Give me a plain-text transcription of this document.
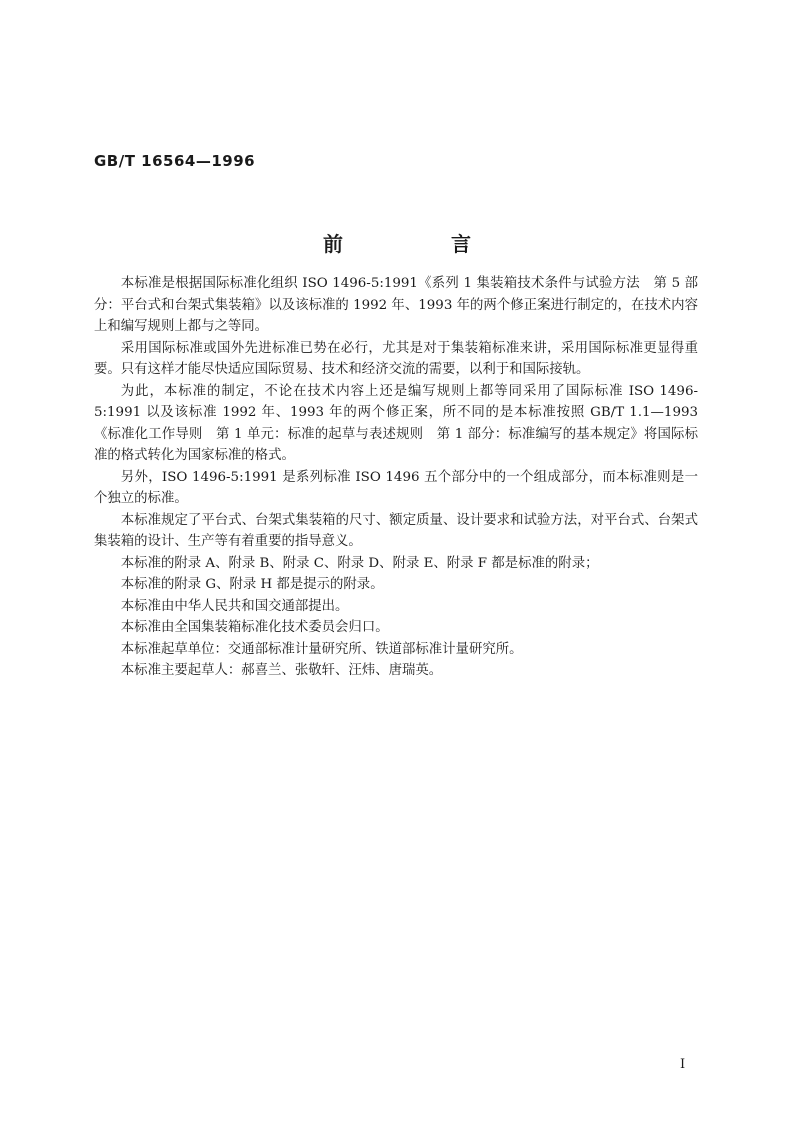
GB/T 16564—1996
前　言

本标准是根据国际标准化组织 ISO 1496-5:1991《系列 1 集装箱技术条件与试验方法　第 5 部分：平台式和台架式集装箱》以及该标准的 1992 年、1993 年的两个修正案进行制定的，在技术内容上和编写规则上都与之等同。

采用国际标准或国外先进标准已势在必行，尤其是对于集装箱标准来讲，采用国际标准更显得重要。只有这样才能尽快适应国际贸易、技术和经济交流的需要，以利于和国际接轨。

为此，本标准的制定，不论在技术内容上还是编写规则上都等同采用了国际标准 ISO 1496-5:1991 以及该标准 1992 年、1993 年的两个修正案，所不同的是本标准按照 GB/T 1.1—1993《标准化工作导则　第 1 单元：标准的起草与表述规则　第 1 部分：标准编写的基本规定》将国际标准的格式转化为国家标准的格式。

另外，ISO 1496-5:1991 是系列标准 ISO 1496 五个部分中的一个组成部分，而本标准则是一个独立的标准。

本标准规定了平台式、台架式集装箱的尺寸、额定质量、设计要求和试验方法，对平台式、台架式集装箱的设计、生产等有着重要的指导意义。

本标准的附录 A、附录 B、附录 C、附录 D、附录 E、附录 F 都是标准的附录；

本标准的附录 G、附录 H 都是提示的附录。

本标准由中华人民共和国交通部提出。

本标准由全国集装箱标准化技术委员会归口。

本标准起草单位：交通部标准计量研究所、铁道部标准计量研究所。

本标准主要起草人：郝喜兰、张敬轩、汪炜、唐瑞英。

I
